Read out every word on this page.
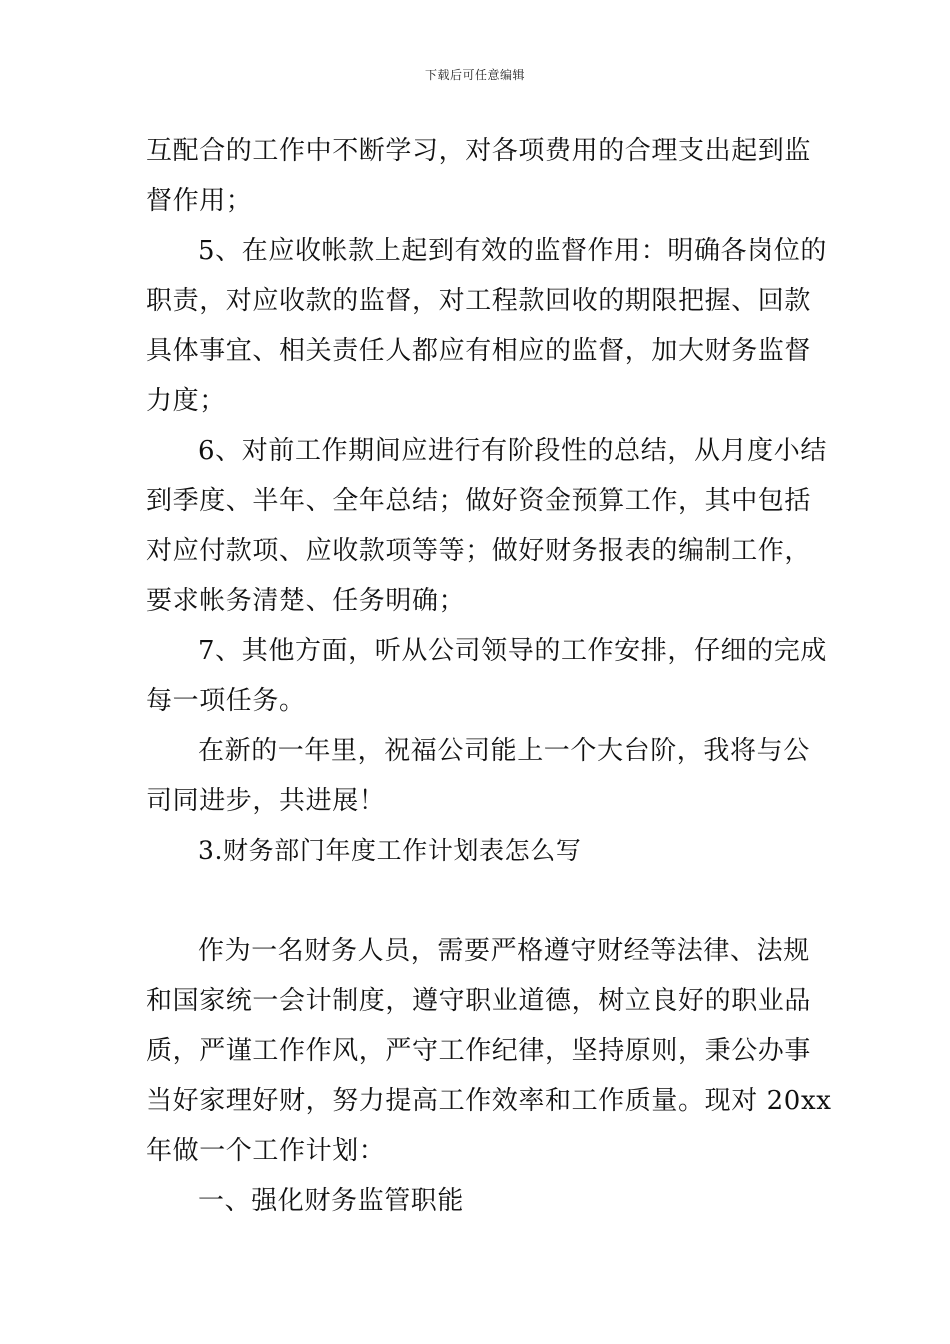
下载后可任意编辑
互配合的工作中不断学习，对各项费用的合理支出起到监
督作用；
5、在应收帐款上起到有效的监督作用：明确各岗位的
职责，对应收款的监督，对工程款回收的期限把握、回款
具体事宜、相关责任人都应有相应的监督，加大财务监督
力度；
6、对前工作期间应进行有阶段性的总结，从月度小结
到季度、半年、全年总结；做好资金预算工作，其中包括
对应付款项、应收款项等等；做好财务报表的编制工作，
要求帐务清楚、任务明确；
7、其他方面，听从公司领导的工作安排，仔细的完成
每一项任务。
在新的一年里，祝福公司能上一个大台阶，我将与公
司同进步，共进展！
3.财务部门年度工作计划表怎么写
作为一名财务人员，需要严格遵守财经等法律、法规
和国家统一会计制度，遵守职业道德，树立良好的职业品
质，严谨工作作风，严守工作纪律，坚持原则，秉公办事
当好家理好财，努力提高工作效率和工作质量。现对 20xx
年做一个工作计划：
一、强化财务监管职能
